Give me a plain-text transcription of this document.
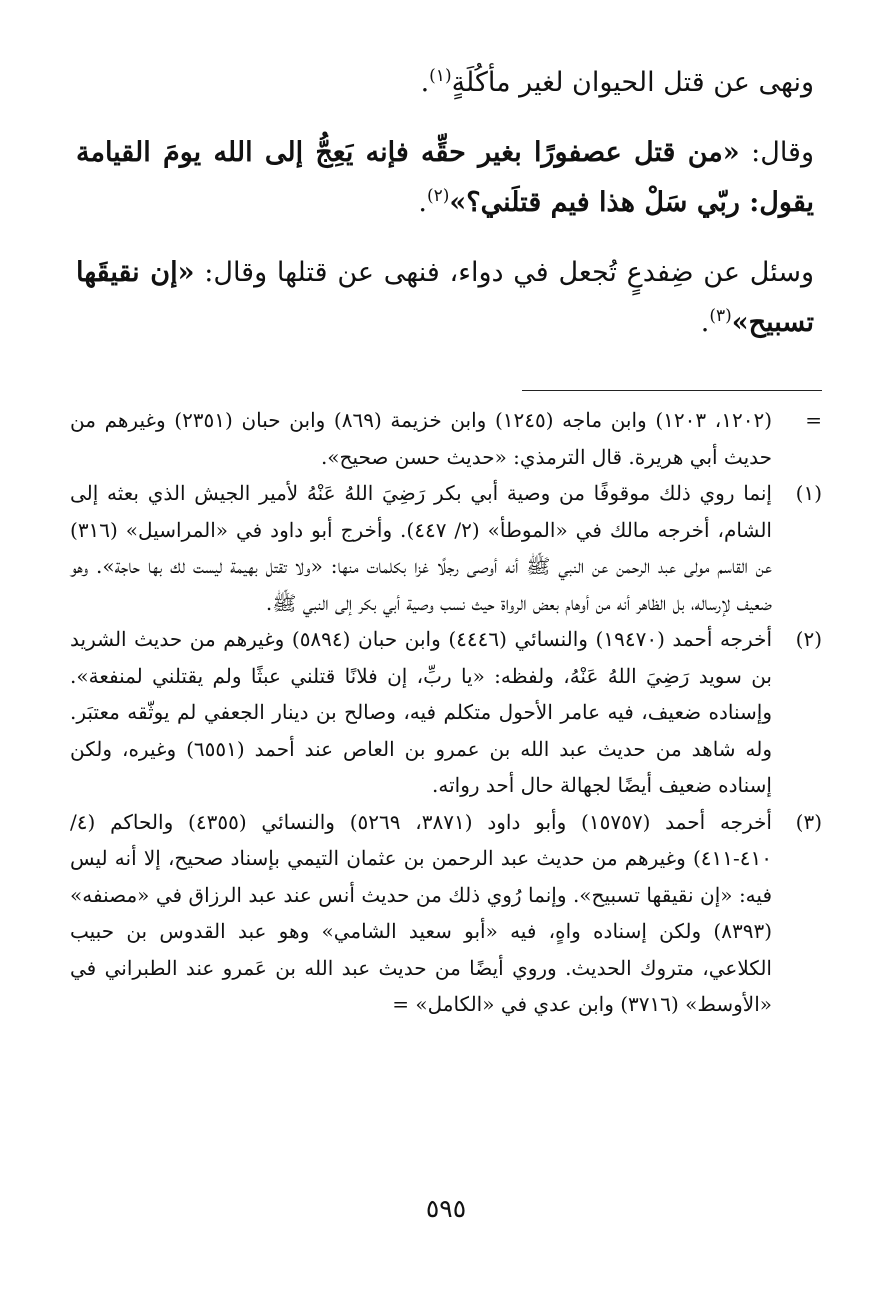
ونهى عن قتل الحيوان لغير مأكُلَةٍ$^{(١)}$.

وقال: «من قتل عصفورًا بغير حقِّه فإنه يَعِجُّ إلى الله يومَ القيامة يقول: ربّي سَلْ هذا فيم قتلَني؟»$^{(٢)}$.

وسئل عن ضِفدعٍ تُجعل في دواء، فنهى عن قتلها وقال: «إن نقيقَها تسبيح»$^{(٣)}$.

=
(١٢٠٢، ١٢٠٣) وابن ماجه (١٢٤٥) وابن خزيمة (٨٦٩) وابن حبان (٢٣٥١) وغيرهم من حديث أبي هريرة. قال الترمذي: «حديث حسن صحيح».
(١)
إنما روي ذلك موقوفًا من وصية أبي بكر رَضِيَ اللهُ عَنْهُ لأمير الجيش الذي بعثه إلى الشام، أخرجه مالك في «الموطأ» (٢/ ٤٤٧). وأخرج أبو داود في «المراسيل» (٣١٦) عن القاسم مولى عبد الرحمن عن النبي ﷺ أنه أوصى رجلًا غزا بكلمات منها: «ولا تقتل بهيمة ليست لك بها حاجة». وهو ضعيف لإرساله، بل الظاهر أنه من أوهام بعض الرواة حيث نسب وصية أبي بكر إلى النبي ﷺ.
(٢)
أخرجه أحمد (١٩٤٧٠) والنسائي (٤٤٤٦) وابن حبان (٥٨٩٤) وغيرهم من حديث الشريد بن سويد رَضِيَ اللهُ عَنْهُ، ولفظه: «يا ربِّ، إن فلانًا قتلني عبثًا ولم يقتلني لمنفعة». وإسناده ضعيف، فيه عامر الأحول متكلم فيه، وصالح بن دينار الجعفي لم يوثّقه معتبَر. وله شاهد من حديث عبد الله بن عمرو بن العاص عند أحمد (٦٥٥١) وغيره، ولكن إسناده ضعيف أيضًا لجهالة حال أحد رواته.
(٣)
أخرجه أحمد (١٥٧٥٧) وأبو داود (٣٨٧١، ٥٢٦٩) والنسائي (٤٣٥٥) والحاكم (٤/ ٤١٠-٤١١) وغيرهم من حديث عبد الرحمن بن عثمان التيمي بإسناد صحيح، إلا أنه ليس فيه: «إن نقيقها تسبيح». وإنما رُوي ذلك من حديث أنس عند عبد الرزاق في «مصنفه» (٨٣٩٣) ولكن إسناده واهٍ، فيه «أبو سعيد الشامي» وهو عبد القدوس بن حبيب الكلاعي، متروك الحديث. وروي أيضًا من حديث عبد الله بن عَمرو عند الطبراني في «الأوسط» (٣٧١٦) وابن عدي في «الكامل» =
٥٩٥
